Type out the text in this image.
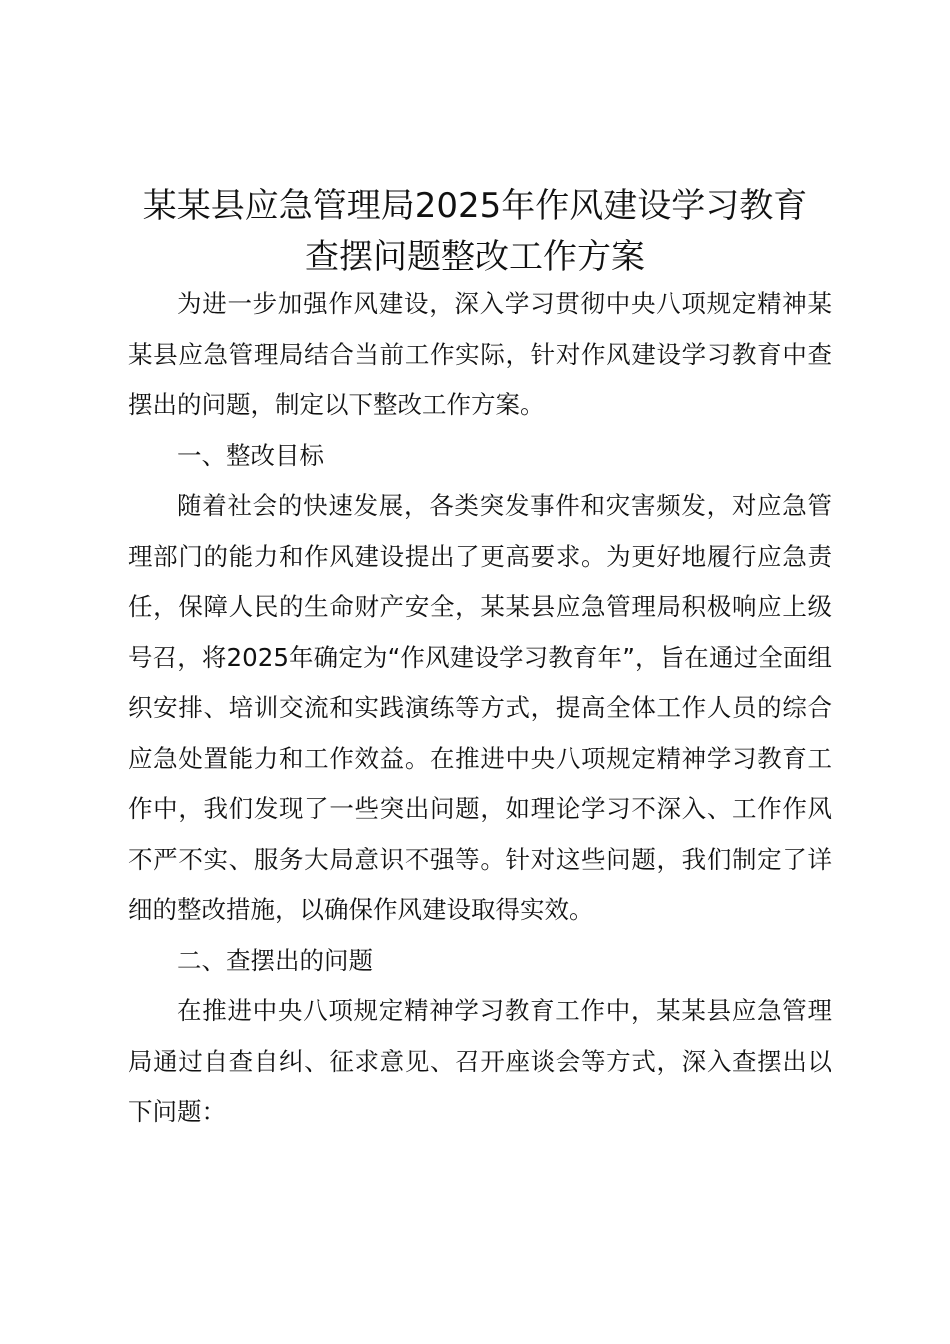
某某县应急管理局2025年作风建设学习教育
查摆问题整改工作方案

为进一步加强作风建设，深入学习贯彻中央八项规定精神某某县应急管理局结合当前工作实际，针对作风建设学习教育中查摆出的问题，制定以下整改工作方案。

一、整改目标

随着社会的快速发展，各类突发事件和灾害频发，对应急管理部门的能力和作风建设提出了更高要求。为更好地履行应急责任，保障人民的生命财产安全，某某县应急管理局积极响应上级号召，将2025年确定为“作风建设学习教育年”，旨在通过全面组织安排、培训交流和实践演练等方式，提高全体工作人员的综合应急处置能力和工作效益。在推进中央八项规定精神学习教育工作中，我们发现了一些突出问题，如理论学习不深入、工作作风不严不实、服务大局意识不强等。针对这些问题，我们制定了详细的整改措施，以确保作风建设取得实效。

二、查摆出的问题

在推进中央八项规定精神学习教育工作中，某某县应急管理局通过自查自纠、征求意见、召开座谈会等方式，深入查摆出以下问题：
